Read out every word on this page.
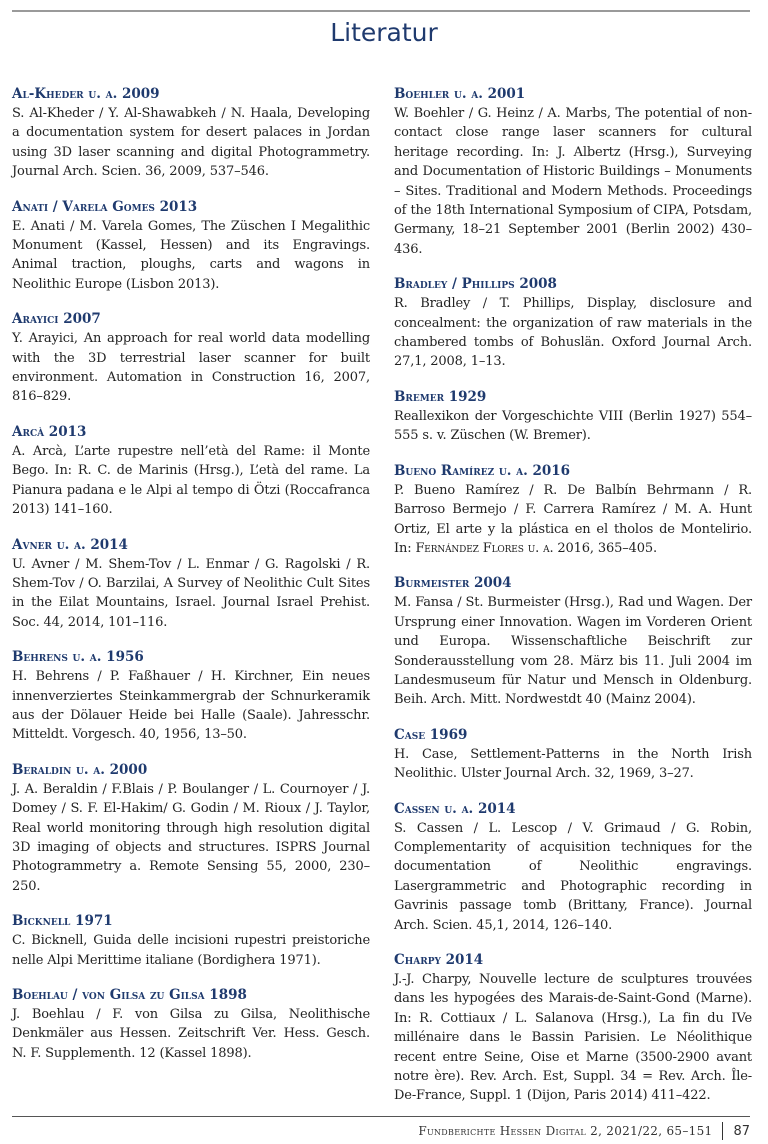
Literatur
Al-Kheder u. a. 2009

S. Al-Kheder / Y. Al-Shawabkeh / N. Haala, Developing a documentation system for desert palaces in Jordan using 3D laser scanning and digital Photogrammetry. Journal Arch. Scien. 36, 2009, 537–546.

Anati / Varela Gomes 2013

E. Anati / M. Varela Gomes, The Züschen I Megalithic Monument (Kassel, Hessen) and its Engravings. Animal traction, ploughs, carts and wagons in Neolithic Europe (Lisbon 2013).

Arayici 2007

Y. Arayici, An approach for real world data modelling with the 3D terrestrial laser scanner for built environment. Automation in Construction 16, 2007, 816–829.

Arcà 2013

A. Arcà, L’arte rupestre nell’età del Rame: il Monte Bego. In: R. C. de Marinis (Hrsg.), L’età del rame. La Pianura padana e le Alpi al tempo di Ötzi (Roccafranca 2013) 141–160.

Avner u. a. 2014

U. Avner / M. Shem-Tov / L. Enmar / G. Ragolski / R. Shem-Tov / O. Barzilai, A Survey of Neolithic Cult Sites in the Eilat Mountains, Israel. Journal Israel Prehist. Soc. 44, 2014, 101–116.

Behrens u. a. 1956

H. Behrens / P. Faßhauer / H. Kirchner, Ein neues innenverziertes Steinkammergrab der Schnurkeramik aus der Dölauer Heide bei Halle (Saale). Jahresschr. Mitteldt. Vorgesch. 40, 1956, 13–50.

Beraldin u. a. 2000

J. A. Beraldin / F.Blais / P. Boulanger / L. Cournoyer / J. Domey / S. F. El-Hakim/ G. Godin / M. Rioux / J. Taylor, Real world monitoring through high resolution digital 3D imaging of objects and structures. ISPRS Journal Photogrammetry a. Remote Sensing 55, 2000, 230–250.

Bicknell 1971

C. Bicknell, Guida delle incisioni rupestri preistoriche nelle Alpi Merittime italiane (Bordighera 1971).

Boehlau / von Gilsa zu Gilsa 1898

J. Boehlau / F. von Gilsa zu Gilsa, Neolithische Denkmäler aus Hessen. Zeitschrift Ver. Hess. Gesch. N. F. Supplementh. 12 (Kassel 1898).

Boehler u. a. 2001

W. Boehler / G. Heinz / A. Marbs, The potential of non-contact close range laser scanners for cultural heritage recording. In: J. Albertz (Hrsg.), Surveying and Documentation of Historic Buildings – Monuments – Sites. Traditional and Modern Methods. Proceedings of the 18th International Symposium of CIPA, Potsdam, Germany, 18–21 September 2001 (Berlin 2002) 430–436.

Bradley / Phillips 2008

R. Bradley / T. Phillips, Display, disclosure and concealment: the organization of raw materials in the chambered tombs of Bohuslän. Oxford Journal Arch. 27,1, 2008, 1–13.

Bremer 1929

Reallexikon der Vorgeschichte VIII (Berlin 1927) 554–555 s. v. Züschen (W. Bremer).

Bueno Ramírez u. a. 2016

P. Bueno Ramírez / R. De Balbín Behrmann / R. Barroso Bermejo / F. Carrera Ramírez / M. A. Hunt Ortiz, El arte y la plástica en el tholos de Montelirio. In: Fernández Flores u. a. 2016, 365–405.

Burmeister 2004

M. Fansa / St. Burmeister (Hrsg.), Rad und Wagen. Der Ursprung einer Innovation. Wagen im Vorderen Orient und Europa. Wissenschaftliche Beischrift zur Sonderausstellung vom 28. März bis 11. Juli 2004 im Landesmuseum für Natur und Mensch in Oldenburg. Beih. Arch. Mitt. Nordwestdt 40 (Mainz 2004).

Case 1969

H. Case, Settlement-Patterns in the North Irish Neolithic. Ulster Journal Arch. 32, 1969, 3–27.

Cassen u. a. 2014

S. Cassen / L. Lescop / V. Grimaud / G. Robin, Complementarity of acquisition techniques for the documentation of Neolithic engravings. Lasergrammetric and Photographic recording in Gavrinis passage tomb (Brittany, France). Journal Arch. Scien. 45,1, 2014, 126–140.

Charpy 2014

J.-J. Charpy, Nouvelle lecture de sculptures trouvées dans les hypogées des Marais-de-Saint-Gond (Marne). In: R. Cottiaux / L. Salanova (Hrsg.), La fin du IVe millénaire dans le Bassin Parisien. Le Néolithique recent entre Seine, Oise et Marne (3500-2900 avant notre ère). Rev. Arch. Est, Suppl. 34 = Rev. Arch. Île-De-France, Suppl. 1 (Dijon, Paris 2014) 411–422.

Fundberichte Hessen Digital 2, 2021/22, 65–151 87
